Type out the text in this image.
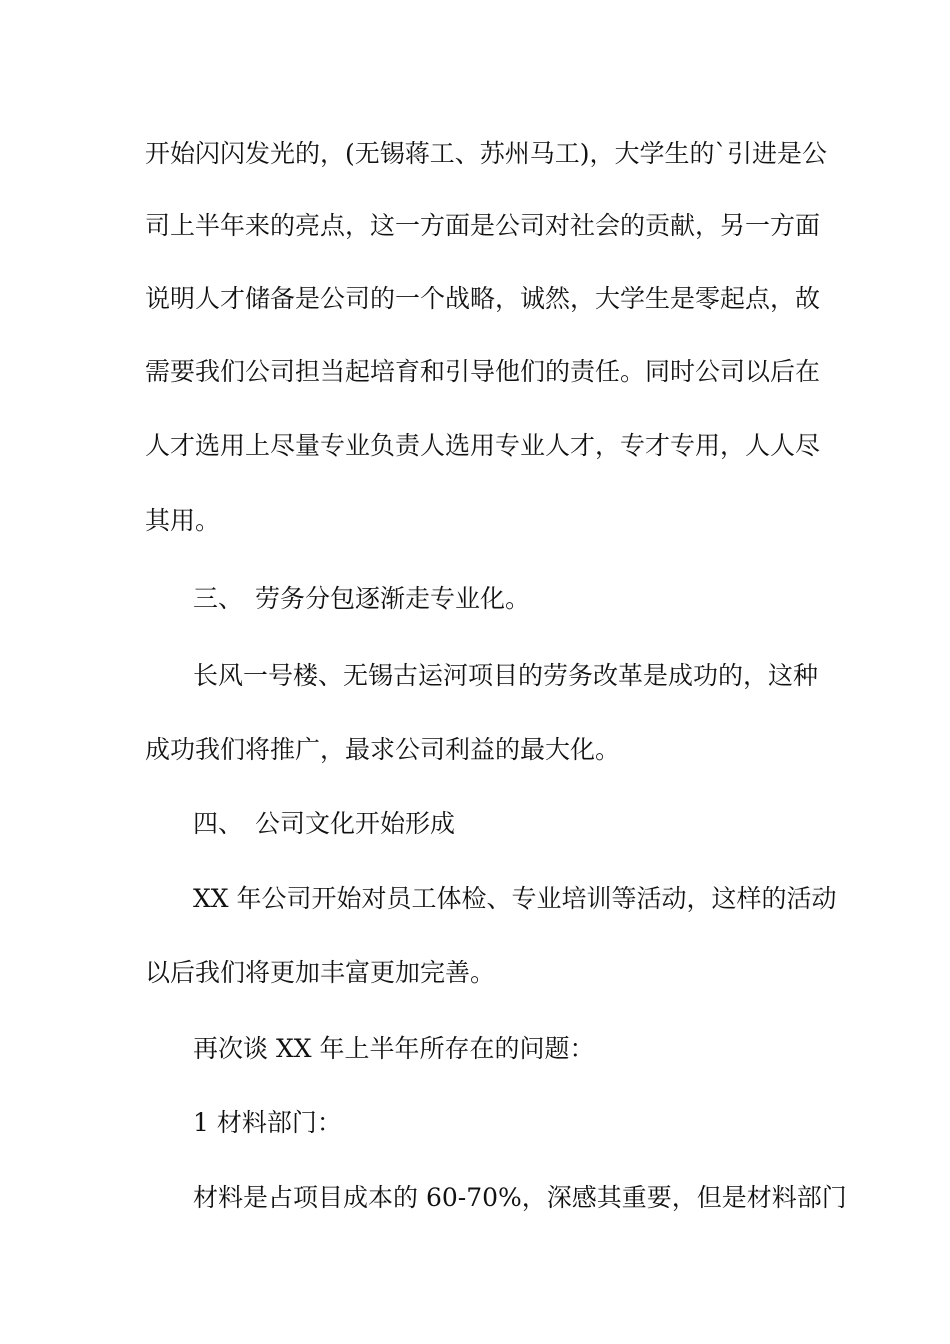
开始闪闪发光的，(无锡蒋工、苏州马工)，大学生的`引进是公
司上半年来的亮点，这一方面是公司对社会的贡献，另一方面
说明人才储备是公司的一个战略，诚然，大学生是零起点，故
需要我们公司担当起培育和引导他们的责任。同时公司以后在
人才选用上尽量专业负责人选用专业人才，专才专用，人人尽
其用。
三、 劳务分包逐渐走专业化。
长风一号楼、无锡古运河项目的劳务改革是成功的，这种
成功我们将推广，最求公司利益的最大化。
四、 公司文化开始形成
XX 年公司开始对员工体检、专业培训等活动，这样的活动
以后我们将更加丰富更加完善。
再次谈 XX 年上半年所存在的问题：
1 材料部门：
材料是占项目成本的 60-70%，深感其重要，但是材料部门
